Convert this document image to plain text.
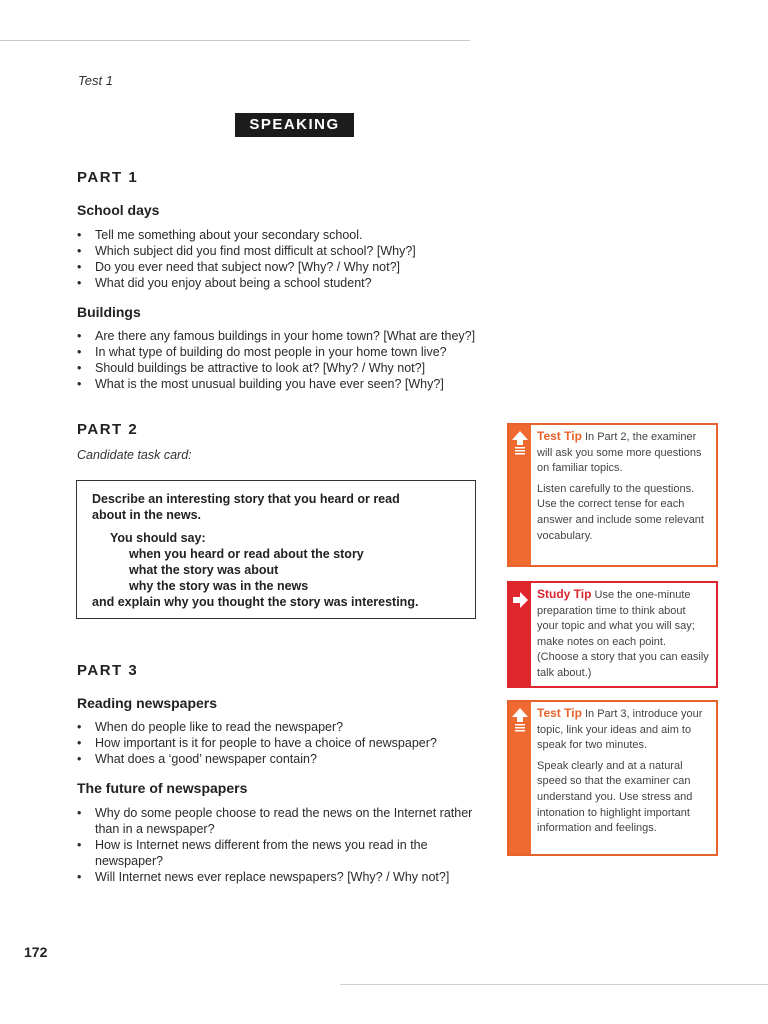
Test 1
SPEAKING
PART 1
School days
• Tell me something about your secondary school.
• Which subject did you find most difficult at school? [Why?]
• Do you ever need that subject now? [Why? / Why not?]
• What did you enjoy about being a school student?
Buildings
• Are there any famous buildings in your home town? [What are they?]
• In what type of building do most people in your home town live?
• Should buildings be attractive to look at? [Why? / Why not?]
• What is the most unusual building you have ever seen? [Why?]
PART 2
Candidate task card:
Describe an interesting story that you heard or read
about in the news.
You should say:
when you heard or read about the story
what the story was about
why the story was in the news
and explain why you thought the story was interesting.
PART 3
Reading newspapers
• When do people like to read the newspaper?
• How important is it for people to have a choice of newspaper?
• What does a ‘good’ newspaper contain?
The future of newspapers
• Why do some people choose to read the news on the Internet rather than in a newspaper?
• How is Internet news different from the news you read in the newspaper?
• Will Internet news ever replace newspapers? [Why? / Why not?]

Test Tip In Part 2, the examiner will ask you some more questions on familiar topics.

Listen carefully to the questions. Use the correct tense for each answer and include some relevant vocabulary.

Study Tip Use the one-minute preparation time to think about your topic and what you will say; make notes on each point. (Choose a story that you can easily talk about.)

Test Tip In Part 3, introduce your topic, link your ideas and aim to speak for two minutes.

Speak clearly and at a natural speed so that the examiner can understand you. Use stress and intonation to highlight important information and feelings.

172
